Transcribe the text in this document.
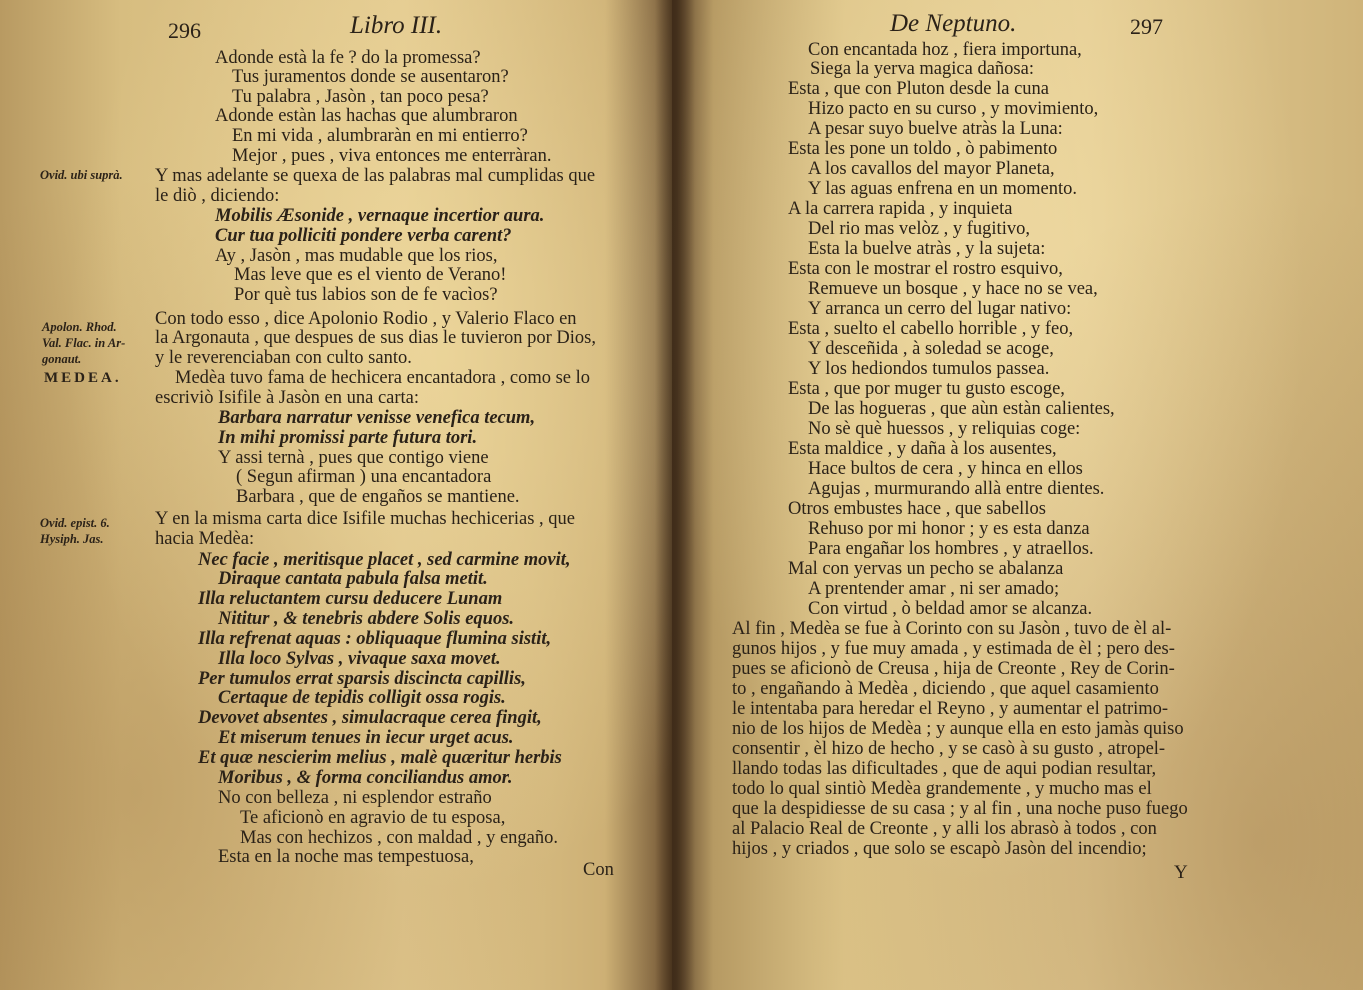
296	Libro III.
Ovid. ubi suprà.
Apolon. Rhod.
Val. Flac. in Ar-
gonaut.
MEDEA.
Ovid. epist. 6.
Hysiph. Jas.
Adonde està la fe ? do la promessa?
Tus juramentos donde se ausentaron?
Tu palabra , Jasòn , tan poco pesa?
Adonde estàn las hachas que alumbraron
En mi vida , alumbraràn en mi entierro?
Mejor , pues , viva entonces me enterràran.
Y mas adelante se quexa de las palabras mal cumplidas que
le diò , diciendo:
Mobilis Æsonide , vernaque incertior aura.
Cur tua polliciti pondere verba carent?
Ay , Jasòn , mas mudable que los rios,
Mas leve que es el viento de Verano!
Por què tus labios son de fe vacìos?
Con todo esso , dice Apolonio Rodio , y Valerio Flaco en
la Argonauta , que despues de sus dias le tuvieron por Dios,
y le reverenciaban con culto santo.
Medèa tuvo fama de hechicera encantadora , como se lo
escriviò Isifile à Jasòn en una carta:
Barbara narratur venisse venefica tecum,
In mihi promissi parte futura tori.
Y assi ternà , pues que contigo viene
( Segun afirman ) una encantadora
Barbara , que de engaños se mantiene.
Y en la misma carta dice Isifile muchas hechicerias , que
hacia Medèa:
Nec facie , meritisque placet , sed carmine movit,
Diraque cantata pabula falsa metit.
Illa reluctantem cursu deducere Lunam
Nititur , & tenebris abdere Solis equos.
Illa refrenat aquas : obliquaque flumina sistit,
Illa loco Sylvas , vivaque saxa movet.
Per tumulos errat sparsis discincta capillis,
Certaque de tepidis colligit ossa rogis.
Devovet absentes , simulacraque cerea fingit,
Et miserum tenues in iecur urget acus.
Et quæ nescierim melius , malè quæritur herbis
Moribus , & forma conciliandus amor.
No con belleza , ni esplendor estraño
Te aficionò en agravio de tu esposa,
Mas con hechizos , con maldad , y engaño.
Esta en la noche mas tempestuosa,
Con
De Neptuno.	297
Con encantada hoz , fiera importuna,
Siega la yerva magica dañosa:
Esta , que con Pluton desde la cuna
Hizo pacto en su curso , y movimiento,
A pesar suyo buelve atràs la Luna:
Esta les pone un toldo , ò pabimento
A los cavallos del mayor Planeta,
Y las aguas enfrena en un momento.
A la carrera rapida , y inquieta
Del rio mas velòz , y fugitivo,
Esta la buelve atràs , y la sujeta:
Esta con le mostrar el rostro esquivo,
Remueve un bosque , y hace no se vea,
Y arranca un cerro del lugar nativo:
Esta , suelto el cabello horrible , y feo,
Y desceñida , à soledad se acoge,
Y los hediondos tumulos passea.
Esta , que por muger tu gusto escoge,
De las hogueras , que aùn estàn calientes,
No sè què huessos , y reliquias coge:
Esta maldice , y daña à los ausentes,
Hace bultos de cera , y hinca en ellos
Agujas , murmurando allà entre dientes.
Otros embustes hace , que sabellos
Rehuso por mi honor ; y es esta danza
Para engañar los hombres , y atraellos.
Mal con yervas un pecho se abalanza
A prentender amar , ni ser amado;
Con virtud , ò beldad amor se alcanza.
Al fin , Medèa se fue à Corinto con su Jasòn , tuvo de èl al-
gunos hijos , y fue muy amada , y estimada de èl ; pero des-
pues se aficionò de Creusa , hija de Creonte , Rey de Corin-
to , engañando à Medèa , diciendo , que aquel casamiento
le intentaba para heredar el Reyno , y aumentar el patrimo-
nio de los hijos de Medèa ; y aunque ella en esto jamàs quiso
consentir , èl hizo de hecho , y se casò à su gusto , atropel-
llando todas las dificultades , que de aqui podian resultar,
todo lo qual sintiò Medèa grandemente , y mucho mas el
que la despidiesse de su casa ; y al fin , una noche puso fuego
al Palacio Real de Creonte , y alli los abrasò à todos , con
hijos , y criados , que solo se escapò Jasòn del incendio;
Y
